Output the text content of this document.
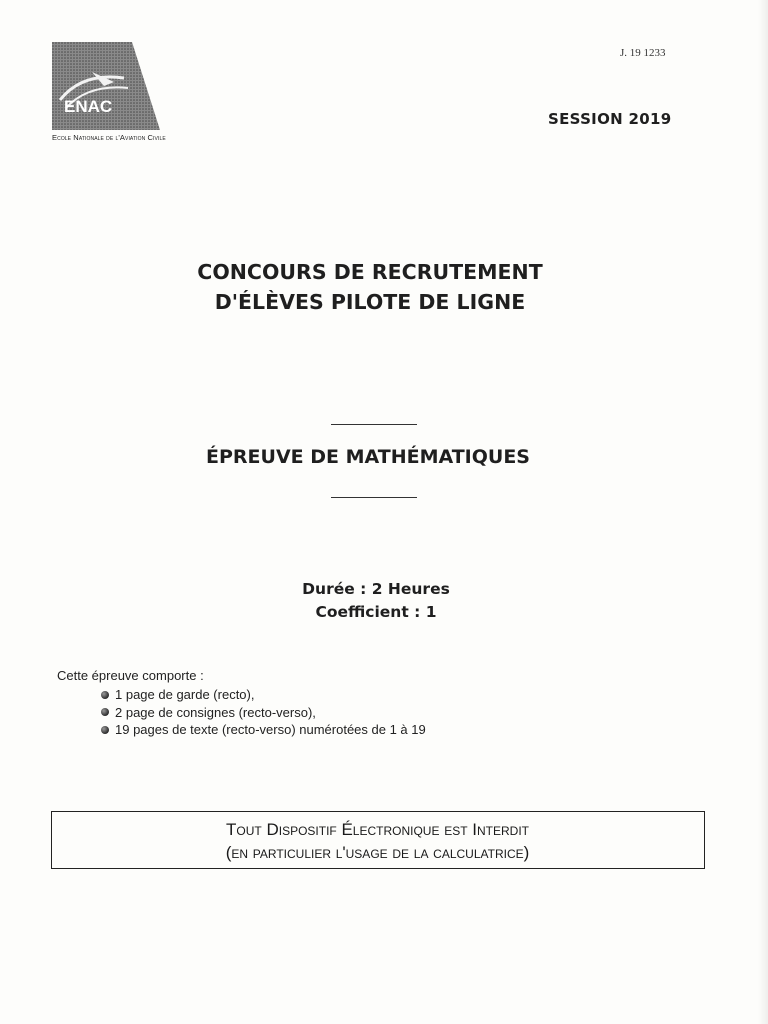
ENAC
Ecole Nationale de l'Aviation Civile
J. 19 1233
SESSION 2019
CONCOURS DE RECRUTEMENT
D'ÉLÈVES PILOTE DE LIGNE
ÉPREUVE DE MATHÉMATIQUES
Durée : 2 Heures
Coefficient : 1
Cette épreuve comporte :
1 page de garde (recto),
2 page de consignes (recto-verso),
19 pages de texte (recto-verso) numérotées de 1 à 19
Tout Dispositif Électronique est Interdit
(en particulier l'usage de la calculatrice)
